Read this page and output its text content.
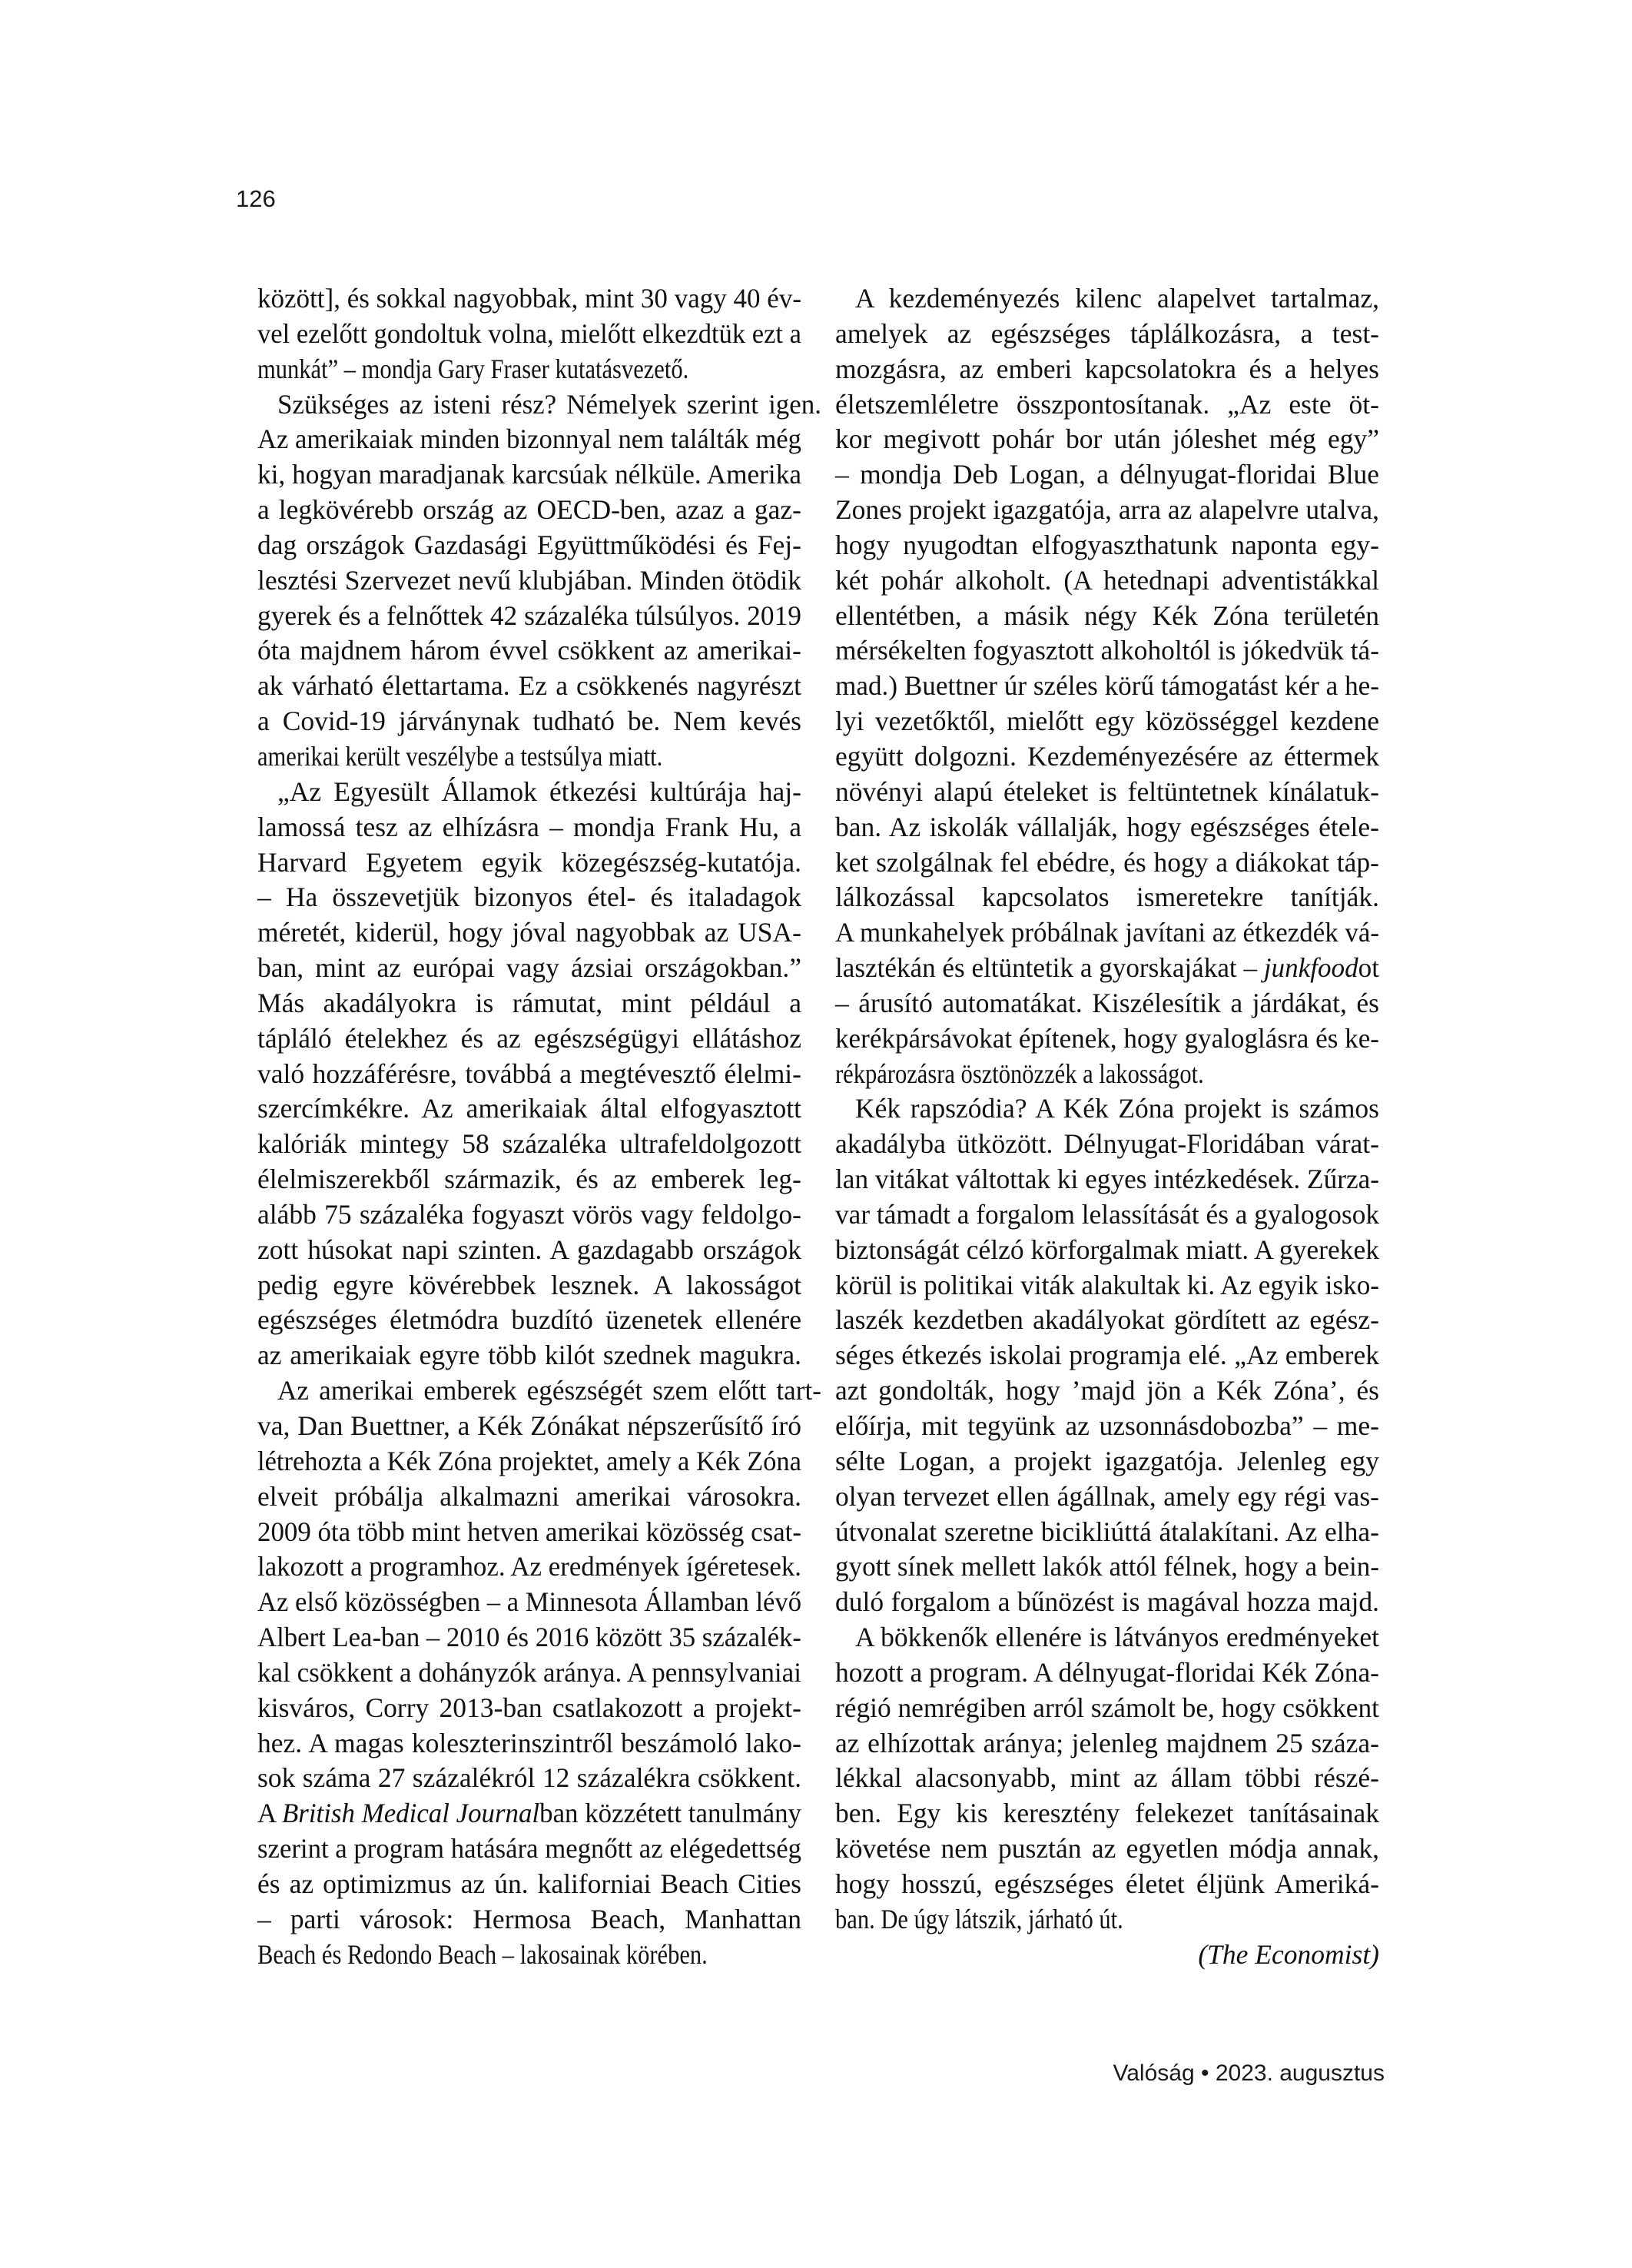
126
között], és sokkal nagyobbak, mint 30 vagy 40 év-
vel ezelőtt gondoltuk volna, mielőtt elkezdtük ezt a
munkát” – mondja Gary Fraser kutatásvezető.
Szükséges az isteni rész? Némelyek szerint igen.
Az amerikaiak minden bizonnyal nem találták még
ki, hogyan maradjanak karcsúak nélküle. Amerika
a legkövérebb ország az OECD-ben, azaz a gaz-
dag országok Gazdasági Együttműködési és Fej-
lesztési Szervezet nevű klubjában. Minden ötödik
gyerek és a felnőttek 42 százaléka túlsúlyos. 2019
óta majdnem három évvel csökkent az amerikai-
ak várható élettartama. Ez a csökkenés nagyrészt
a Covid-19 járványnak tudható be. Nem kevés
amerikai került veszélybe a testsúlya miatt.
„Az Egyesült Államok étkezési kultúrája haj-
lamossá tesz az elhízásra – mondja Frank Hu, a
Harvard Egyetem egyik közegészség-kutatója.
– Ha összevetjük bizonyos étel- és italadagok
méretét, kiderül, hogy jóval nagyobbak az USA-
ban, mint az európai vagy ázsiai országokban.”
Más akadályokra is rámutat, mint például a
tápláló ételekhez és az egészségügyi ellátáshoz
való hozzáférésre, továbbá a megtévesztő élelmi-
szercímkékre. Az amerikaiak által elfogyasztott
kalóriák mintegy 58 százaléka ultrafeldolgozott
élelmiszerekből származik, és az emberek leg-
alább 75 százaléka fogyaszt vörös vagy feldolgo-
zott húsokat napi szinten. A gazdagabb országok
pedig egyre kövérebbek lesznek. A lakosságot
egészséges életmódra buzdító üzenetek ellenére
az amerikaiak egyre több kilót szednek magukra.
Az amerikai emberek egészségét szem előtt tart-
va, Dan Buettner, a Kék Zónákat népszerűsítő író
létrehozta a Kék Zóna projektet, amely a Kék Zóna
elveit próbálja alkalmazni amerikai városokra.
2009 óta több mint hetven amerikai közösség csat-
lakozott a programhoz. Az eredmények ígéretesek.
Az első közösségben – a Minnesota Államban lévő
Albert Lea-ban – 2010 és 2016 között 35 százalék-
kal csökkent a dohányzók aránya. A pennsylvaniai
kisváros, Corry 2013-ban csatlakozott a projekt-
hez. A magas koleszterinszintről beszámoló lako-
sok száma 27 százalékról 12 százalékra csökkent.
A British Medical Journalban közzétett tanulmány
szerint a program hatására megnőtt az elégedettség
és az optimizmus az ún. kaliforniai Beach Cities
– parti városok: Hermosa Beach, Manhattan
Beach és Redondo Beach – lakosainak körében.
A kezdeményezés kilenc alapelvet tartalmaz,
amelyek az egészséges táplálkozásra, a test-
mozgásra, az emberi kapcsolatokra és a helyes
életszemléletre összpontosítanak. „Az este öt-
kor megivott pohár bor után jóleshet még egy”
– mondja Deb Logan, a délnyugat-floridai Blue
Zones projekt igazgatója, arra az alapelvre utalva,
hogy nyugodtan elfogyaszthatunk naponta egy-
két pohár alkoholt. (A hetednapi adventistákkal
ellentétben, a másik négy Kék Zóna területén
mérsékelten fogyasztott alkoholtól is jókedvük tá-
mad.) Buettner úr széles körű támogatást kér a he-
lyi vezetőktől, mielőtt egy közösséggel kezdene
együtt dolgozni. Kezdeményezésére az éttermek
növényi alapú ételeket is feltüntetnek kínálatuk-
ban. Az iskolák vállalják, hogy egészséges étele-
ket szolgálnak fel ebédre, és hogy a diákokat táp-
lálkozással kapcsolatos ismeretekre tanítják.
A munkahelyek próbálnak javítani az étkezdék vá-
lasztékán és eltüntetik a gyorskajákat – junkfoodot
– árusító automatákat. Kiszélesítik a járdákat, és
kerékpársávokat építenek, hogy gyaloglásra és ke-
rékpározásra ösztönözzék a lakosságot.
Kék rapszódia? A Kék Zóna projekt is számos
akadályba ütközött. Délnyugat-Floridában várat-
lan vitákat váltottak ki egyes intézkedések. Zűrza-
var támadt a forgalom lelassítását és a gyalogosok
biztonságát célzó körforgalmak miatt. A gyerekek
körül is politikai viták alakultak ki. Az egyik isko-
laszék kezdetben akadályokat gördített az egész-
séges étkezés iskolai programja elé. „Az emberek
azt gondolták, hogy ’majd jön a Kék Zóna’, és
előírja, mit tegyünk az uzsonnásdobozba” – me-
sélte Logan, a projekt igazgatója. Jelenleg egy
olyan tervezet ellen ágállnak, amely egy régi vas-
útvonalat szeretne bicikliúttá átalakítani. Az elha-
gyott sínek mellett lakók attól félnek, hogy a bein-
duló forgalom a bűnözést is magával hozza majd.
A bökkenők ellenére is látványos eredményeket
hozott a program. A délnyugat-floridai Kék Zóna-
régió nemrégiben arról számolt be, hogy csökkent
az elhízottak aránya; jelenleg majdnem 25 száza-
lékkal alacsonyabb, mint az állam többi részé-
ben. Egy kis keresztény felekezet tanításainak
követése nem pusztán az egyetlen módja annak,
hogy hosszú, egészséges életet éljünk Ameriká-
ban. De úgy látszik, járható út.
(The Economist)
Valóság • 2023. augusztus
